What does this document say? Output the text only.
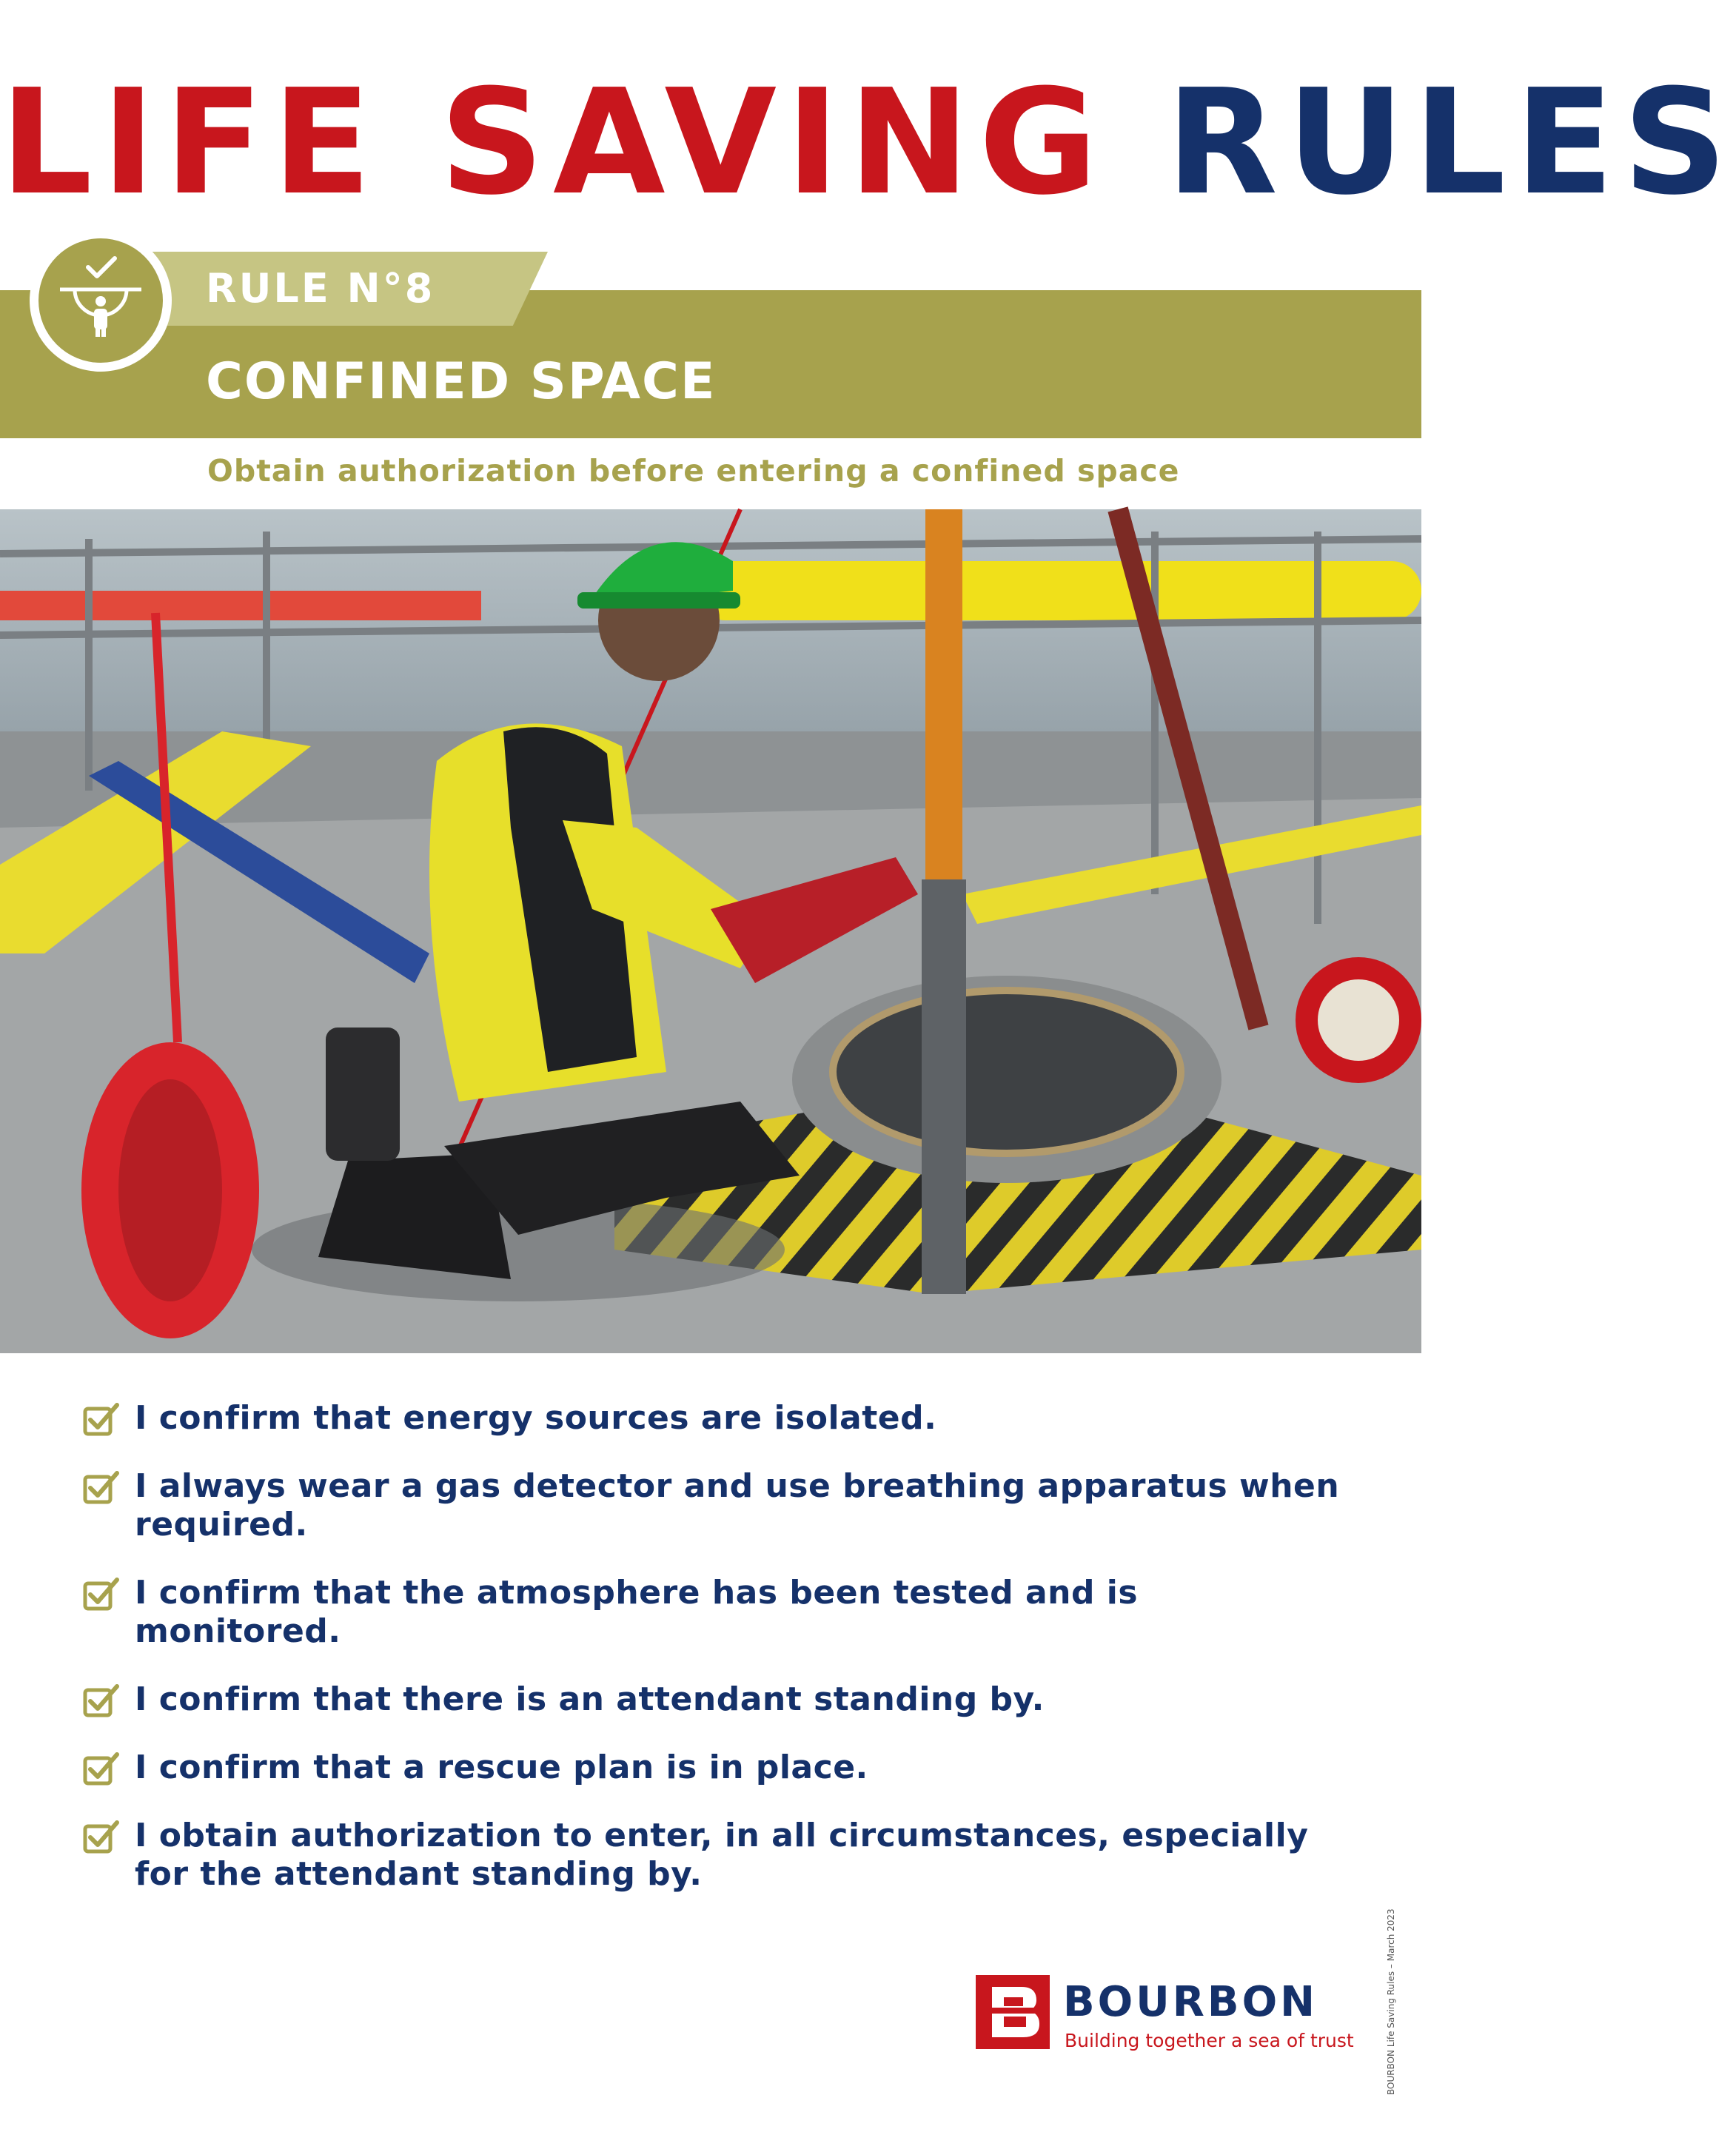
LIFE SAVING RULES
RULE N°8
CONFINED SPACE
Obtain authorization before entering a confined space
I confirm that energy sources are isolated.
I always wear a gas detector and use breathing apparatus when required.
I confirm that the atmosphere has been tested and is monitored.
I confirm that there is an attendant standing by.
I confirm that a rescue plan is in place.
I obtain authorization to enter, in all circumstances, especially for the attendant standing by.
BOURBON Life Saving Rules – March 2023
BOURBON
Building together a sea of trust
